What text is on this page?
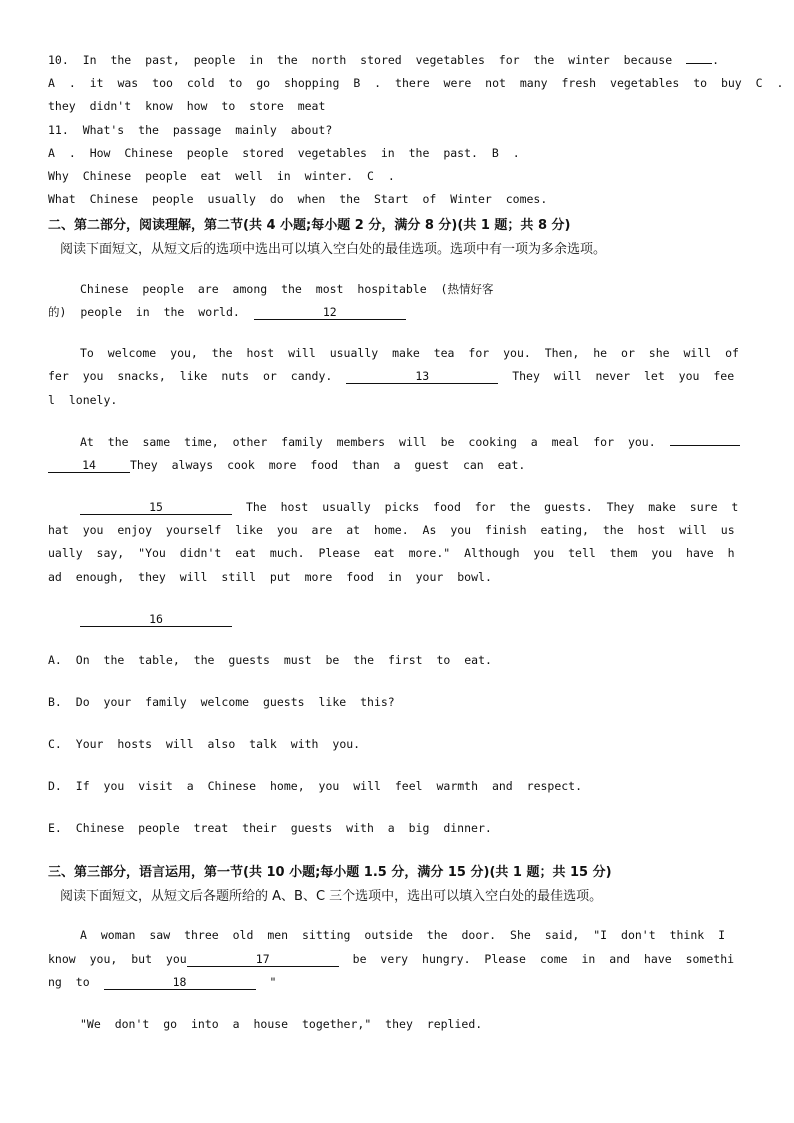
10. In the past, people in the north stored vegetables for the winter because	.
A . it was too cold to go shopping B . there were not many fresh vegetables to buy C .
they didn't know how to store meat
11. What's the passage mainly about?
A . How Chinese people stored vegetables in the past. B .
Why Chinese people eat well in winter. C .
What Chinese people usually do when the Start of Winter comes.
二、第二部分，阅读理解，第二节(共 4 小题;每小题 2 分，满分 8 分)(共 1 题；共 8 分)
阅读下面短文，从短文后的选项中选出可以填入空白处的最佳选项。选项中有一项为多余选项。
Chinese people are among the most hospitable (热情好客
的) people in the world.	12
To welcome you, the host will usually make tea for you. Then, he or she will of
fer you snacks, like nuts or candy.	13	They will never let you fee
l lonely.
At the same time, other family members will be cooking a meal for you.
14	They always cook more food than a guest can eat.
15	The host usually picks food for the guests. They make sure t
hat you enjoy yourself like you are at home. As you finish eating, the host will us
ually say, "You didn't eat much. Please eat more." Although you tell them you have h
ad enough, they will still put more food in your bowl.
16
A. On the table, the guests must be the first to eat.
B. Do your family welcome guests like this?
C. Your hosts will also talk with you.
D. If you visit a Chinese home, you will feel warmth and respect.
E. Chinese people treat their guests with a big dinner.
三、第三部分，语言运用，第一节(共 10 小题;每小题 1.5 分，满分 15 分)(共 1 题；共 15 分)
阅读下面短文，从短文后各题所给的 A、B、C 三个选项中，选出可以填入空白处的最佳选项。
A woman saw three old men sitting outside the door. She said, "I don't think I
know you, but you	17	be very hungry. Please come in and have somethi
ng to	18	"
"We don't go into a house together," they replied.
